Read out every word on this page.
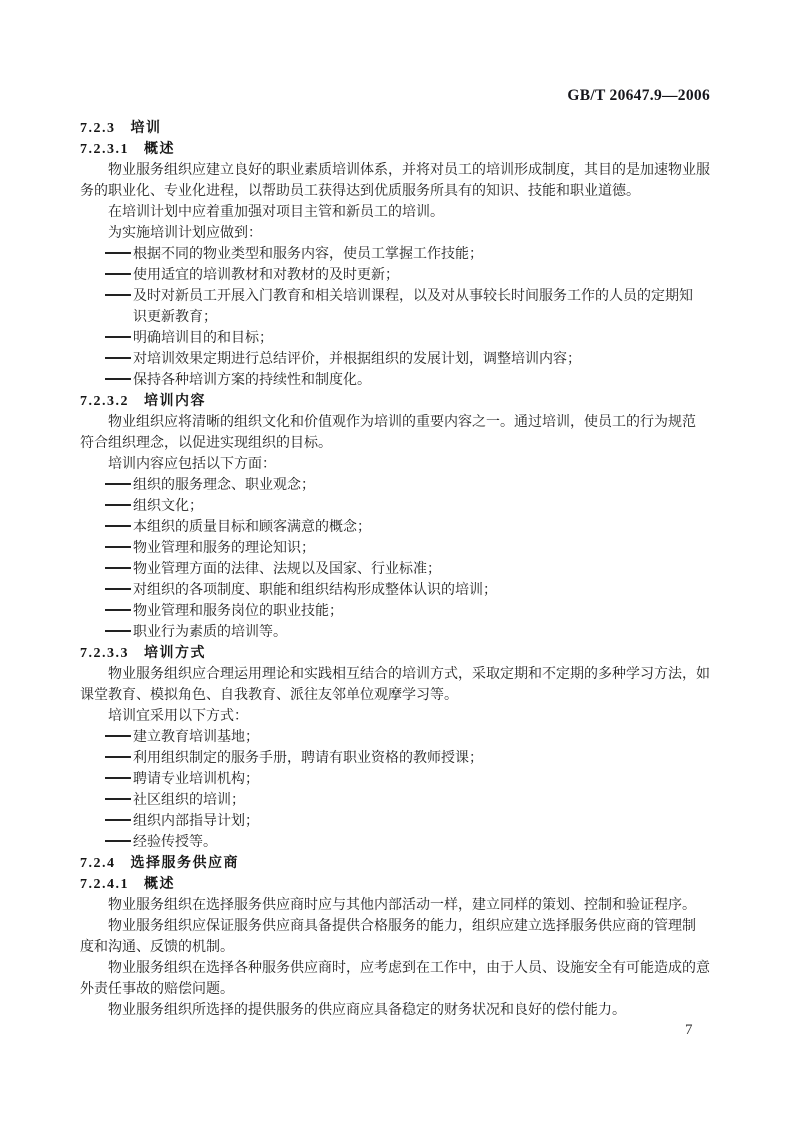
GB/T 20647.9—2006
7.2.3 培训
7.2.3.1 概述
物业服务组织应建立良好的职业素质培训体系，并将对员工的培训形成制度，其目的是加速物业服
务的职业化、专业化进程，以帮助员工获得达到优质服务所具有的知识、技能和职业道德。
在培训计划中应着重加强对项目主管和新员工的培训。
为实施培训计划应做到：
根据不同的物业类型和服务内容，使员工掌握工作技能；
使用适宜的培训教材和对教材的及时更新；
及时对新员工开展入门教育和相关培训课程，以及对从事较长时间服务工作的人员的定期知
识更新教育；
明确培训目的和目标；
对培训效果定期进行总结评价，并根据组织的发展计划，调整培训内容；
保持各种培训方案的持续性和制度化。
7.2.3.2 培训内容
物业组织应将清晰的组织文化和价值观作为培训的重要内容之一。通过培训，使员工的行为规范
符合组织理念，以促进实现组织的目标。
培训内容应包括以下方面：
组织的服务理念、职业观念；
组织文化；
本组织的质量目标和顾客满意的概念；
物业管理和服务的理论知识；
物业管理方面的法律、法规以及国家、行业标准；
对组织的各项制度、职能和组织结构形成整体认识的培训；
物业管理和服务岗位的职业技能；
职业行为素质的培训等。
7.2.3.3 培训方式
物业服务组织应合理运用理论和实践相互结合的培训方式，采取定期和不定期的多种学习方法，如
课堂教育、模拟角色、自我教育、派往友邻单位观摩学习等。
培训宜采用以下方式：
建立教育培训基地；
利用组织制定的服务手册，聘请有职业资格的教师授课；
聘请专业培训机构；
社区组织的培训；
组织内部指导计划；
经验传授等。
7.2.4 选择服务供应商
7.2.4.1 概述
物业服务组织在选择服务供应商时应与其他内部活动一样，建立同样的策划、控制和验证程序。
物业服务组织应保证服务供应商具备提供合格服务的能力，组织应建立选择服务供应商的管理制
度和沟通、反馈的机制。
物业服务组织在选择各种服务供应商时，应考虑到在工作中，由于人员、设施安全有可能造成的意
外责任事故的赔偿问题。
物业服务组织所选择的提供服务的供应商应具备稳定的财务状况和良好的偿付能力。
7
